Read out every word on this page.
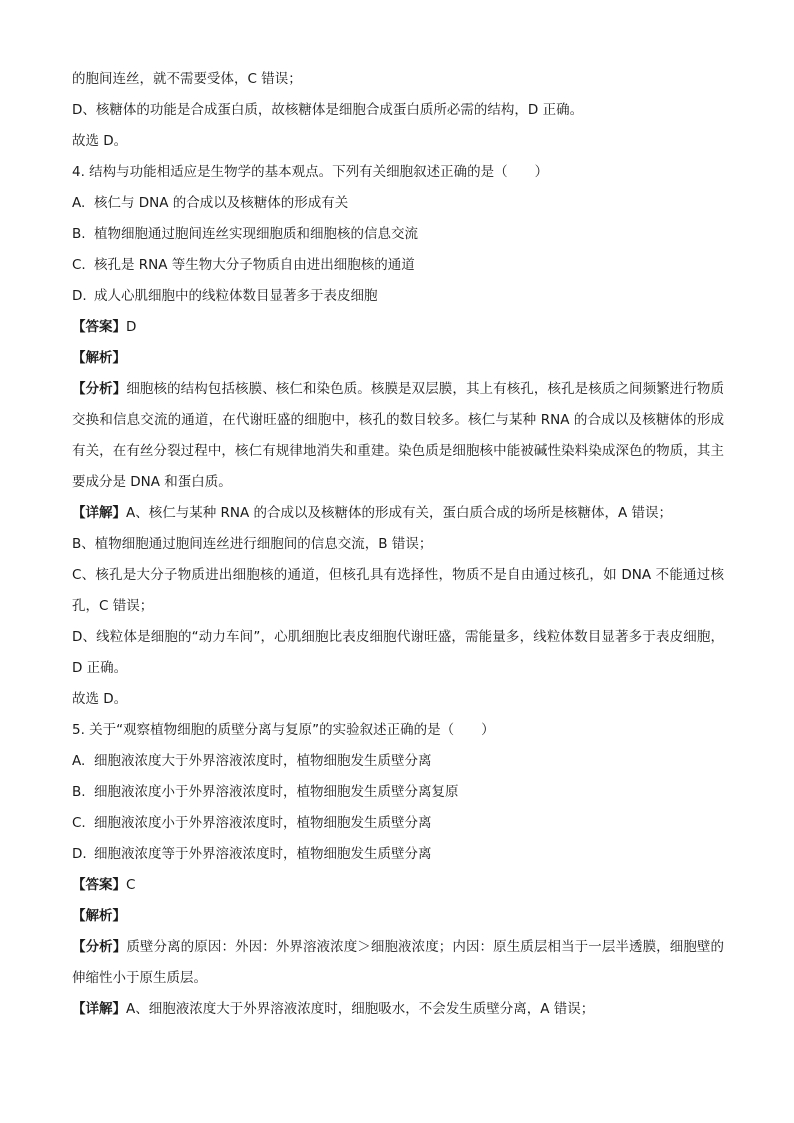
的胞间连丝，就不需要受体，C 错误；
D、核糖体的功能是合成蛋白质，故核糖体是细胞合成蛋白质所必需的结构，D 正确。
故选 D。
4. 结构与功能相适应是生物学的基本观点。下列有关细胞叙述正确的是（　　）
A. 核仁与 DNA 的合成以及核糖体的形成有关
B. 植物细胞通过胞间连丝实现细胞质和细胞核的信息交流
C. 核孔是 RNA 等生物大分子物质自由进出细胞核的通道
D. 成人心肌细胞中的线粒体数目显著多于表皮细胞
【答案】D
【解析】
【分析】细胞核的结构包括核膜、核仁和染色质。核膜是双层膜，其上有核孔，核孔是核质之间频繁进行物质交换和信息交流的通道，在代谢旺盛的细胞中，核孔的数目较多。核仁与某种 RNA 的合成以及核糖体的形成有关，在有丝分裂过程中，核仁有规律地消失和重建。染色质是细胞核中能被碱性染料染成深色的物质，其主要成分是 DNA 和蛋白质。
【详解】A、核仁与某种 RNA 的合成以及核糖体的形成有关，蛋白质合成的场所是核糖体，A 错误；
B、植物细胞通过胞间连丝进行细胞间的信息交流，B 错误；
C、核孔是大分子物质进出细胞核的通道，但核孔具有选择性，物质不是自由通过核孔，如 DNA 不能通过核孔，C 错误；
D、线粒体是细胞的“动力车间”，心肌细胞比表皮细胞代谢旺盛，需能量多，线粒体数目显著多于表皮细胞，D 正确。
故选 D。
5. 关于“观察植物细胞的质壁分离与复原”的实验叙述正确的是（　　）
A. 细胞液浓度大于外界溶液浓度时，植物细胞发生质壁分离
B. 细胞液浓度小于外界溶液浓度时，植物细胞发生质壁分离复原
C. 细胞液浓度小于外界溶液浓度时，植物细胞发生质壁分离
D. 细胞液浓度等于外界溶液浓度时，植物细胞发生质壁分离
【答案】C
【解析】
【分析】质壁分离的原因：外因：外界溶液浓度＞细胞液浓度；内因：原生质层相当于一层半透膜，细胞壁的伸缩性小于原生质层。
【详解】A、细胞液浓度大于外界溶液浓度时，细胞吸水，不会发生质壁分离，A 错误；
